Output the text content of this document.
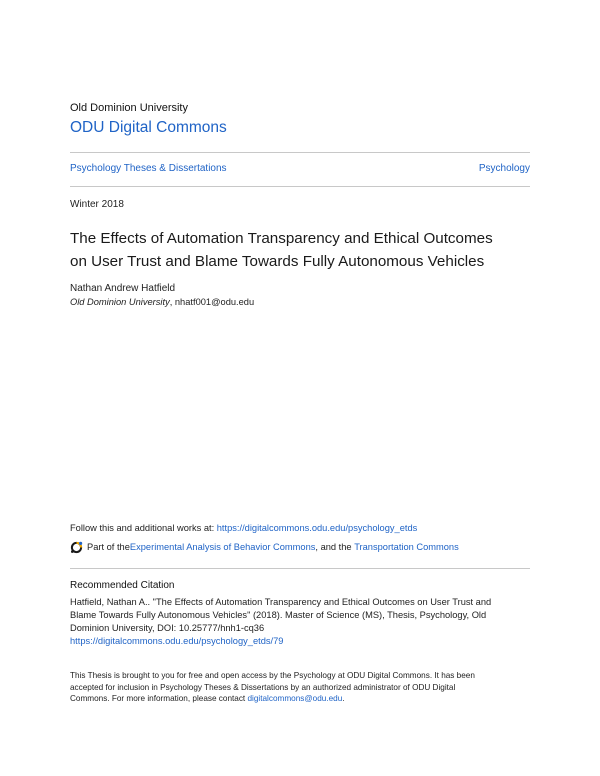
Old Dominion University
ODU Digital Commons
Psychology Theses & Dissertations	Psychology
Winter 2018
The Effects of Automation Transparency and Ethical Outcomes
on User Trust and Blame Towards Fully Autonomous Vehicles
Nathan Andrew Hatfield
Old Dominion University, nhatf001@odu.edu
Follow this and additional works at: https://digitalcommons.odu.edu/psychology_etds
Part of the Experimental Analysis of Behavior Commons , and the Transportation Commons
Recommended Citation
Hatfield, Nathan A.. "The Effects of Automation Transparency and Ethical Outcomes on User Trust and
Blame Towards Fully Autonomous Vehicles" (2018). Master of Science (MS), Thesis, Psychology, Old
Dominion University, DOI: 10.25777/hnh1-cq36
https://digitalcommons.odu.edu/psychology_etds/79
This Thesis is brought to you for free and open access by the Psychology at ODU Digital Commons. It has been
accepted for inclusion in Psychology Theses & Dissertations by an authorized administrator of ODU Digital
Commons. For more information, please contact digitalcommons@odu.edu.
